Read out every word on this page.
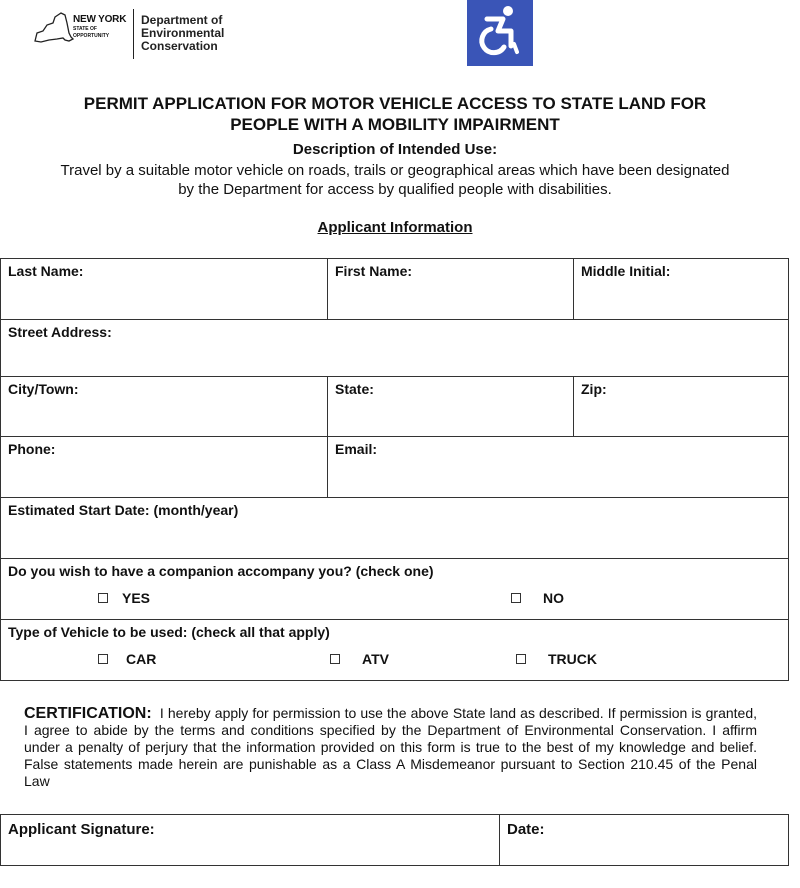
NEW YORK
STATE OF
OPPORTUNITY
Department of
Environmental
Conservation
PERMIT APPLICATION FOR MOTOR VEHICLE ACCESS TO STATE LAND FOR
PEOPLE WITH A MOBILITY IMPAIRMENT
Description of Intended Use:
Travel by a suitable motor vehicle on roads, trails or geographical areas which have been designated
by the Department for access by qualified people with disabilities.
Applicant Information
Last Name:	First Name:	Middle Initial:
Street Address:
City/Town:	State:	Zip:
Phone:	Email:
Estimated Start Date: (month/year)
Do you wish to have a companion accompany you? (check one)
YES	NO
Type of Vehicle to be used: (check all that apply)
CAR	ATV	TRUCK
CERTIFICATION: I hereby apply for permission to use the above State land as described. If permission is granted, I agree to abide by the terms and conditions specified by the Department of Environmental Conservation. I affirm under a penalty of perjury that the information provided on this form is true to the best of my knowledge and belief. False statements made herein are punishable as a Class A Misdemeanor pursuant to Section 210.45 of the Penal Law
Applicant Signature:	Date:
